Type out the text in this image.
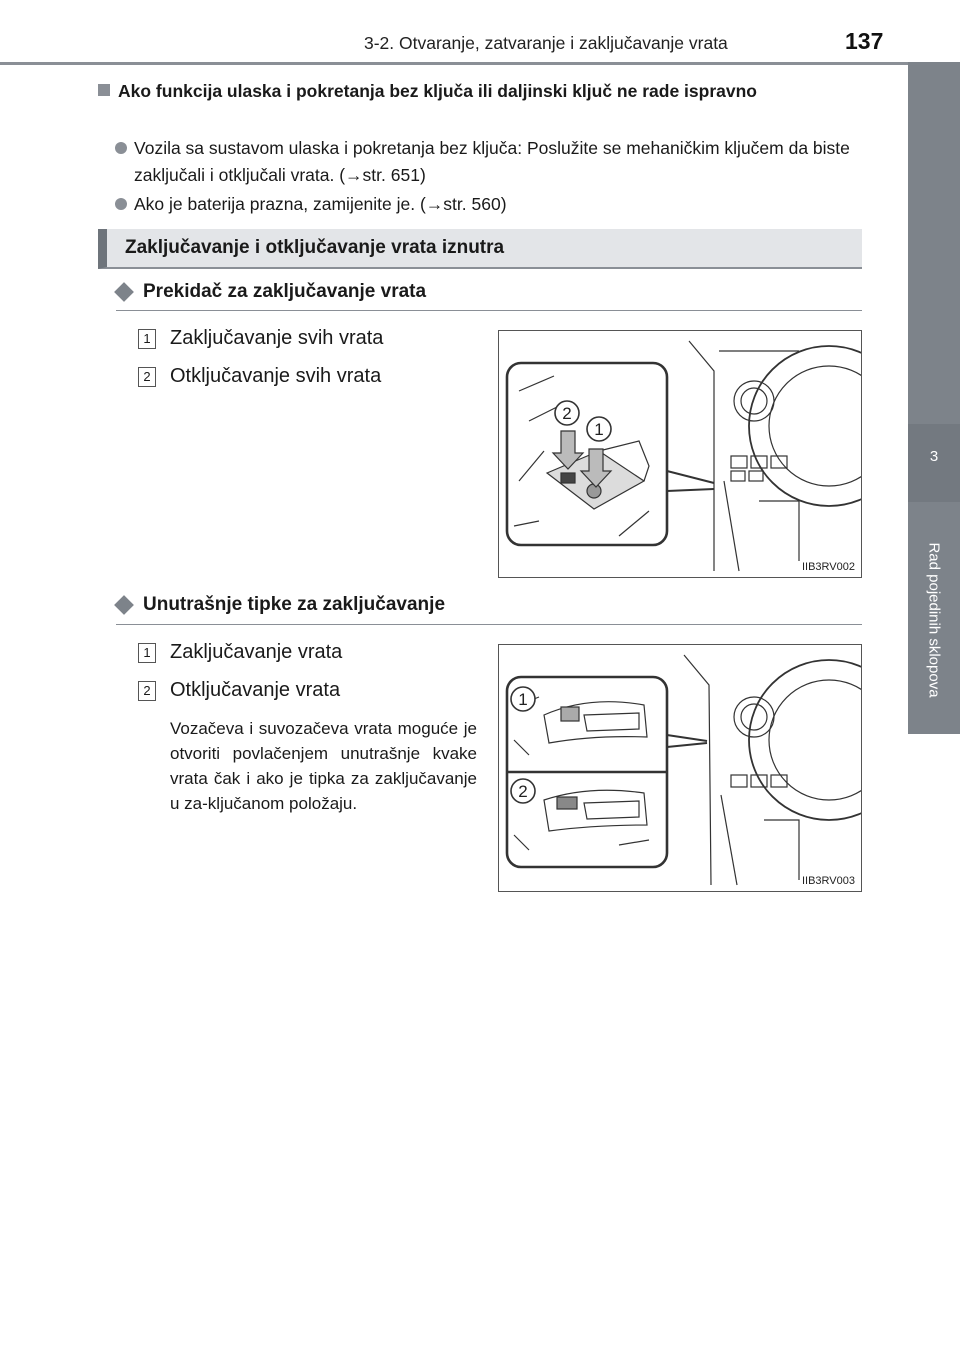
3-2. Otvaranje, zatvaranje i zaključavanje vrata	137
3
Rad pojedinih sklopova
Ako funkcija ulaska i pokretanja bez ključa ili daljinski ključ ne rade ispravno
Vozila sa sustavom ulaska i pokretanja bez ključa: Poslužite se mehaničkim ključem da biste zaključali i otključali vrata. (→str. 651)
Ako je baterija prazna, zamijenite je. (→str. 560)
Zaključavanje i otključavanje vrata iznutra
Prekidač za zaključavanje vrata
1 Zaključavanje svih vrata
2 Otključavanje svih vrata
2
1
IIB3RV002
Unutrašnje tipke za zaključavanje
1 Zaključavanje vrata
2 Otključavanje vrata
Vozačeva i suvozačeva vrata moguće je otvoriti povlačenjem unutrašnje kvake vrata čak i ako je tipka za zaključavanje u za-ključanom položaju.
1
2
IIB3RV003
